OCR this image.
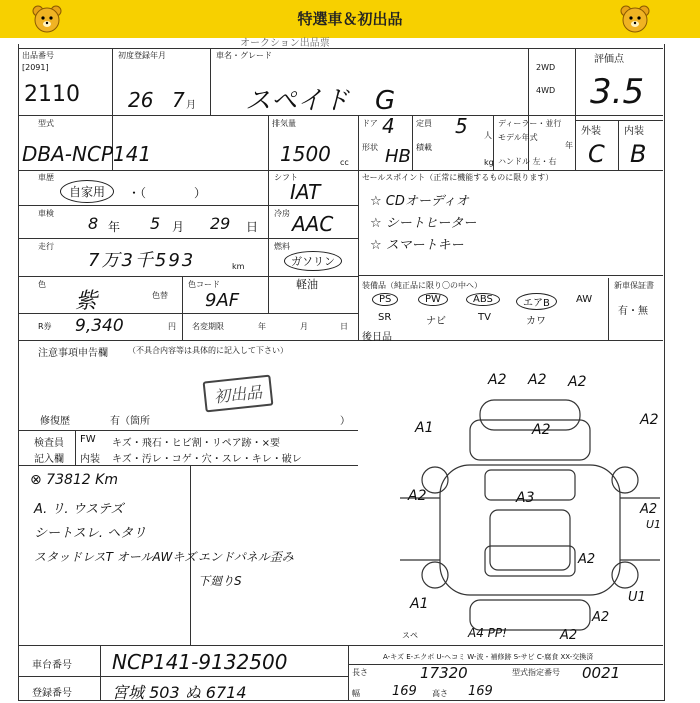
特選車＆初出品
オークション出品票
出品番号
[2091]
2110
初度登録年月
26 7 月
車名・グレード
スペイド　G
2WD
4WD
評価点
3.5
型式
DBA-NCP141
排気量
1500 cc
ドア 4
形状 HB
定員 5 人
積載
kg
ディーラー・並行
モデル年式
年
ハンドル 左・右
外装 内装
C B
車歴
自家用	・（　　　　）
シフト
IAT
車検
8 年 5 月 29 日
冷房 AAC
走行
7万3千593	km
燃料
ガソリン
軽油
色
紫	色替
色コード
9AF
R券 9,340	円 名変期限	年	月	日
セールスポイント（正常に機能するものに限ります）
☆ CDオーディオ
☆ シートヒーター
☆ スマートキー
装備品（純正品に限り〇の中へ）
PS	PW	ABS	エアB	AW
SR	ナビ	TV	カワ
新車保証書
有・無
注意事項申告欄	（不具合内容等は具体的に記入して下さい）
初出品
修復歴	有（箇所	）
後日品
検査員
記入欄
FW キズ・飛石・ヒビ割・リペア跡・×要
内装 キズ・汚レ・コゲ・穴・スレ・キレ・破レ
⊗ 73812 Km
A. リ. ウステズ
シートスレ. ヘタリ
スタッドレスT オールAWキズ エンドパネル歪み
下廻りS
A2 A2 A2
A1	A2
A2
A2
U1
A2	A3
A2
A1
A2
U1
A4 PP!	A2
スペ
A-キズ E-エクボ U-ヘコミ W-波・補修跡 S-サビ C-腐食 XX-交換済
車台番号 NCP141-9132500
登録番号	宮城 503 ぬ 6714
長さ	17320	型式指定番号 0021
幅 169 高さ 169
